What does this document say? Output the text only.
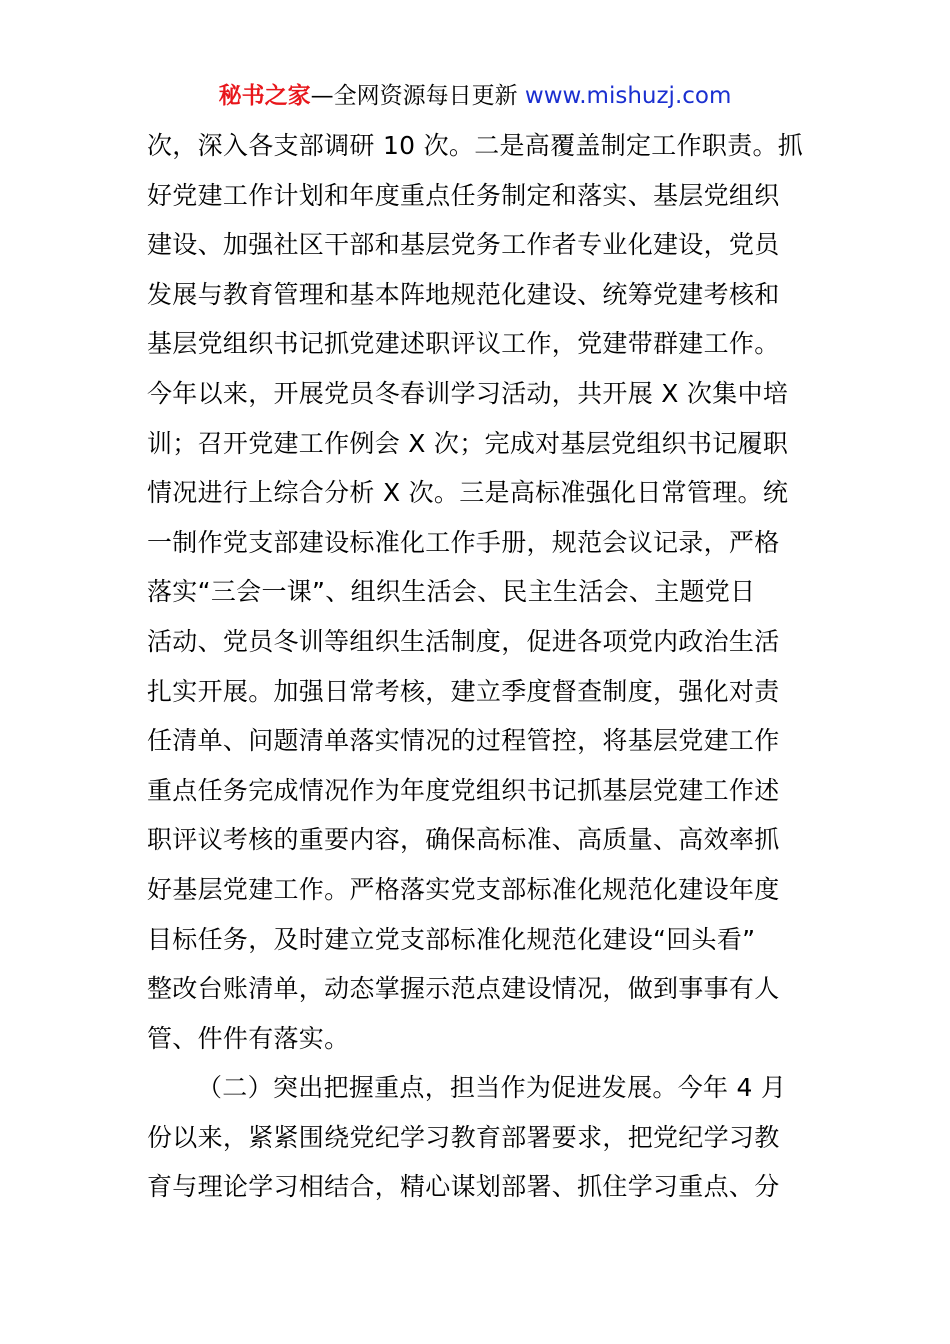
秘书之家—全网资源每日更新 www.mishuzj.com
次，深入各支部调研 10 次。二是高覆盖制定工作职责。抓
好党建工作计划和年度重点任务制定和落实、基层党组织
建设、加强社区干部和基层党务工作者专业化建设，党员
发展与教育管理和基本阵地规范化建设、统筹党建考核和
基层党组织书记抓党建述职评议工作，党建带群建工作。
今年以来，开展党员冬春训学习活动，共开展 X 次集中培
训；召开党建工作例会 X 次；完成对基层党组织书记履职
情况进行上综合分析 X 次。三是高标准强化日常管理。统
一制作党支部建设标准化工作手册，规范会议记录，严格
落实“三会一课”、组织生活会、民主生活会、主题党日
活动、党员冬训等组织生活制度，促进各项党内政治生活
扎实开展。加强日常考核，建立季度督查制度，强化对责
任清单、问题清单落实情况的过程管控，将基层党建工作
重点任务完成情况作为年度党组织书记抓基层党建工作述
职评议考核的重要内容，确保高标准、高质量、高效率抓
好基层党建工作。严格落实党支部标准化规范化建设年度
目标任务，及时建立党支部标准化规范化建设“回头看”
整改台账清单，动态掌握示范点建设情况，做到事事有人
管、件件有落实。
（二）突出把握重点，担当作为促进发展。今年 4 月
份以来，紧紧围绕党纪学习教育部署要求，把党纪学习教
育与理论学习相结合，精心谋划部署、抓住学习重点、分
